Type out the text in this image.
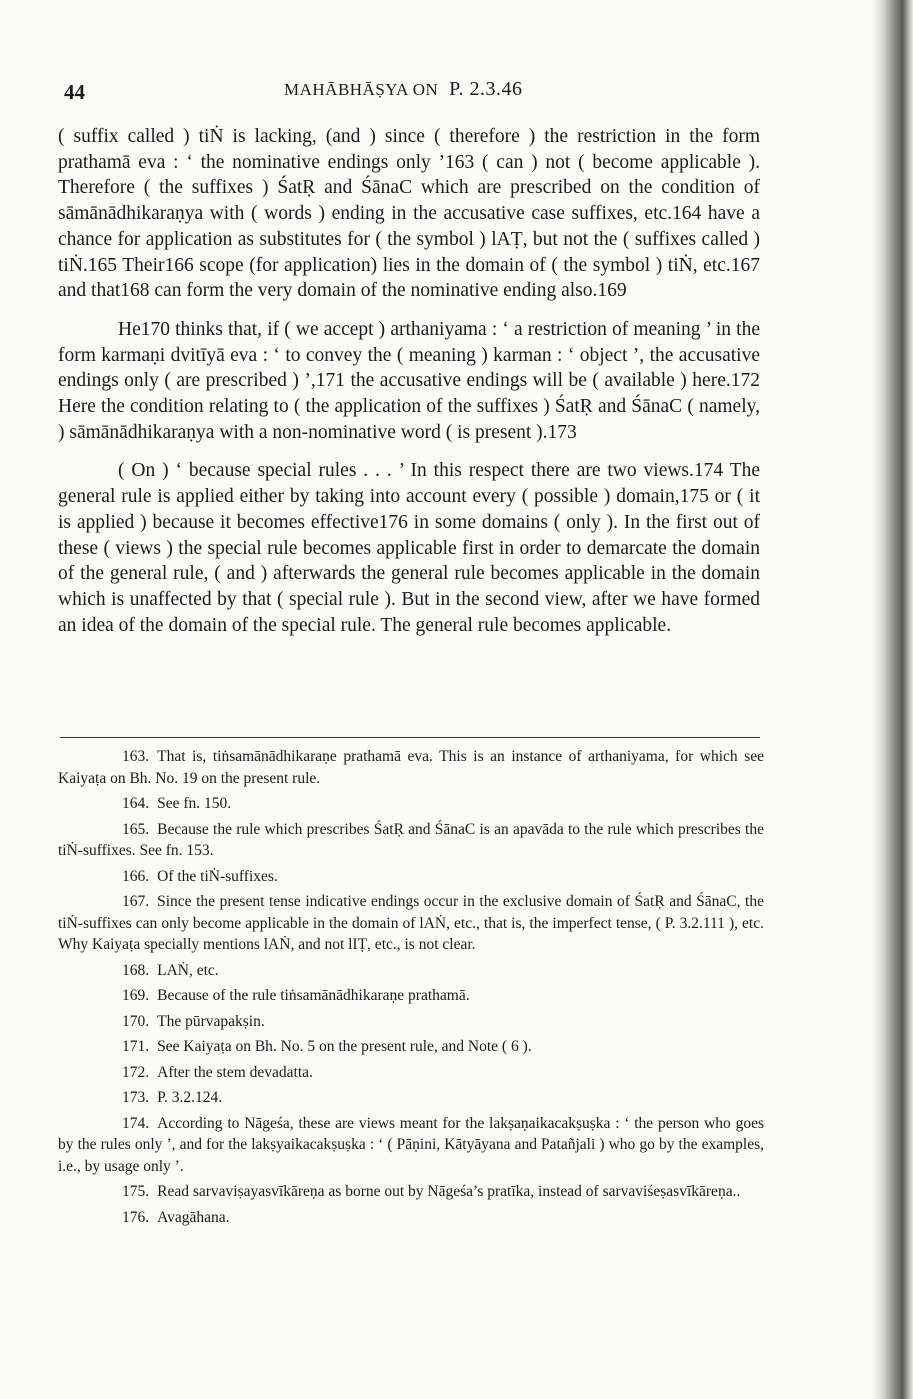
44	MAHĀBHĀṢYA ON P. 2.3.46

( suffix called ) tiṄ is lacking, (and ) since ( therefore ) the restriction in the form prathamā eva : ‘ the nominative endings only ’163 ( can ) not ( become applicable ). Therefore ( the suffixes ) ŚatṚ and ŚānaC which are prescribed on the condition of sāmānādhikaraṇya with ( words ) ending in the accusative case suffixes, etc.164 have a chance for application as substitutes for ( the symbol ) lAṬ, but not the ( suffixes called ) tiṄ.165 Their166 scope (for application) lies in the domain of ( the symbol ) tiṄ, etc.167 and that168 can form the very domain of the nominative ending also.169

He170 thinks that, if ( we accept ) arthaniyama : ‘ a restriction of meaning ’ in the form karmaṇi dvitīyā eva : ‘ to convey the ( meaning ) karman : ‘ object ’, the accusative endings only ( are prescribed ) ’,171 the accusative endings will be ( available ) here.172 Here the condition relating to ( the application of the suffixes ) ŚatṚ and ŚānaC ( namely, ) sāmānādhikaraṇya with a non-nominative word ( is present ).173

( On ) ‘ because special rules . . . ’ In this respect there are two views.174 The general rule is applied either by taking into account every ( possible ) domain,175 or ( it is applied ) because it becomes effective176 in some domains ( only ). In the first out of these ( views ) the special rule becomes applicable first in order to demarcate the domain of the general rule, ( and ) afterwards the general rule becomes applicable in the domain which is unaffected by that ( special rule ). But in the second view, after we have formed an idea of the domain of the special rule. The general rule becomes applicable.

163. That is, tiṅsamānādhikaraṇe prathamā eva. This is an instance of arthaniyama, for which see Kaiyaṭa on Bh. No. 19 on the present rule.
164. See fn. 150.
165. Because the rule which prescribes ŚatṚ and ŚānaC is an apavāda to the rule which prescribes the tiṄ-suffixes. See fn. 153.
166. Of the tiṄ-suffixes.
167. Since the present tense indicative endings occur in the exclusive domain of ŚatṚ and ŚānaC, the tiṄ-suffixes can only become applicable in the domain of lAṄ, etc., that is, the imperfect tense, ( P. 3.2.111 ), etc. Why Kaiyaṭa specially mentions lAṄ, and not lIṬ, etc., is not clear.
168. LAṄ, etc.
169. Because of the rule tiṅsamānādhikaraṇe prathamā.
170. The pūrvapakṣin.
171. See Kaiyaṭa on Bh. No. 5 on the present rule, and Note ( 6 ).
172. After the stem devadatta.
173. P. 3.2.124.
174. According to Nāgeśa, these are views meant for the lakṣaṇaikacakṣuṣka : ‘ the person who goes by the rules only ’, and for the lakṣyaikacakṣuṣka : ‘ ( Pāṇini, Kātyāyana and Patañjali ) who go by the examples, i.e., by usage only ’.
175. Read sarvaviṣayasvīkāreṇa as borne out by Nāgeśa’s pratīka, instead of sarvaviśeṣasvīkāreṇa..
176. Avagāhana.
